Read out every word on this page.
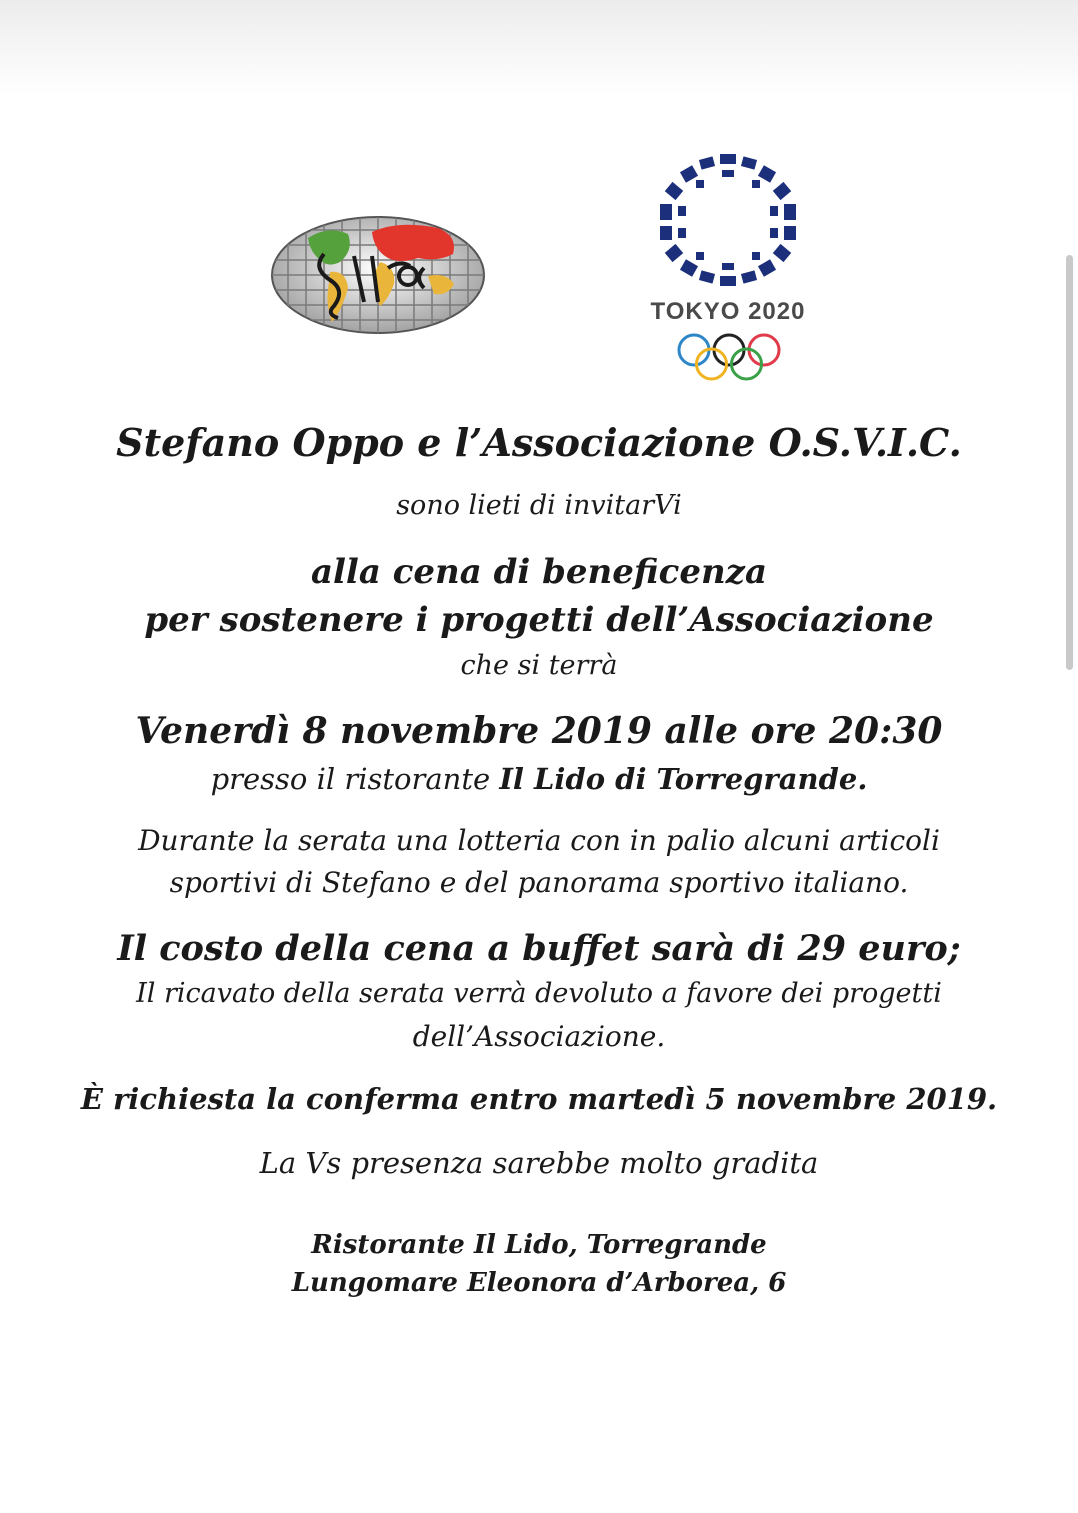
TOKYO 2020
Stefano Oppo e l’Associazione O.S.V.I.C.
sono lieti di invitarVi
alla cena di beneficenza
per sostenere i progetti dell’Associazione
che si terrà
Venerdì 8 novembre 2019 alle ore 20:30
presso il ristorante Il Lido di Torregrande.
Durante la serata una lotteria con in palio alcuni articoli
sportivi di Stefano e del panorama sportivo italiano.
Il costo della cena a buffet sarà di 29 euro;
Il ricavato della serata verrà devoluto a favore dei progetti
dell’Associazione.
È richiesta la conferma entro martedì 5 novembre 2019.
La Vs presenza sarebbe molto gradita
Ristorante Il Lido, Torregrande
Lungomare Eleonora d’Arborea, 6
